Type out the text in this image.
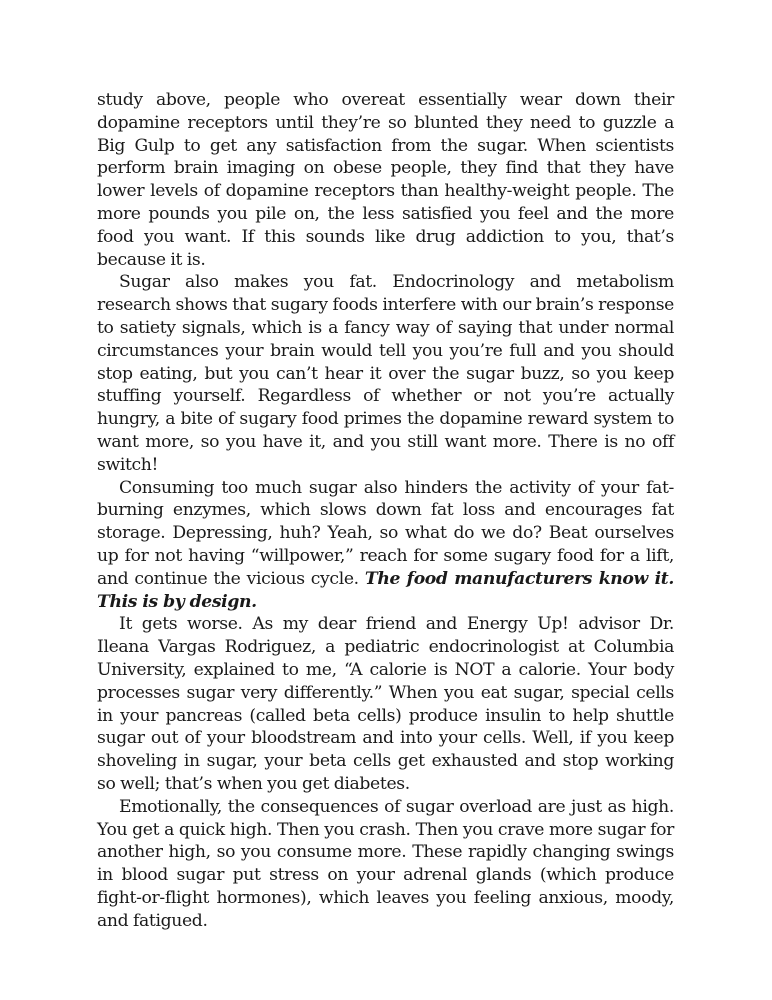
study above, people who overeat essentially wear down their dopamine receptors until they’re so blunted they need to guzzle a Big Gulp to get any satisfaction from the sugar. When scientists perform brain imaging on obese people, they find that they have lower levels of dopamine receptors than healthy-weight people. The more pounds you pile on, the less satisfied you feel and the more food you want. If this sounds like drug addiction to you, that’s because it is.

Sugar also makes you fat. Endocrinology and metabolism research shows that sugary foods interfere with our brain’s response to satiety signals, which is a fancy way of saying that under normal circumstances your brain would tell you you’re full and you should stop eating, but you can’t hear it over the sugar buzz, so you keep stuffing yourself. Regardless of whether or not you’re actually hungry, a bite of sugary food primes the dopamine reward system to want more, so you have it, and you still want more. There is no off switch!

Consuming too much sugar also hinders the activity of your fat-burning enzymes, which slows down fat loss and encourages fat storage. Depressing, huh? Yeah, so what do we do? Beat ourselves up for not having “willpower,” reach for some sugary food for a lift, and continue the vicious cycle. The food manufacturers know it. This is by design.

It gets worse. As my dear friend and Energy Up! advisor Dr. Ileana Vargas Rodriguez, a pediatric endocrinologist at Columbia University, explained to me, “A calorie is NOT a calorie. Your body processes sugar very differently.” When you eat sugar, special cells in your pancreas (called beta cells) produce insulin to help shuttle sugar out of your bloodstream and into your cells. Well, if you keep shoveling in sugar, your beta cells get exhausted and stop working so well; that’s when you get diabetes.

Emotionally, the consequences of sugar overload are just as high. You get a quick high. Then you crash. Then you crave more sugar for another high, so you consume more. These rapidly changing swings in blood sugar put stress on your adrenal glands (which produce fight-or-flight hormones), which leaves you feeling anxious, moody, and fatigued.
